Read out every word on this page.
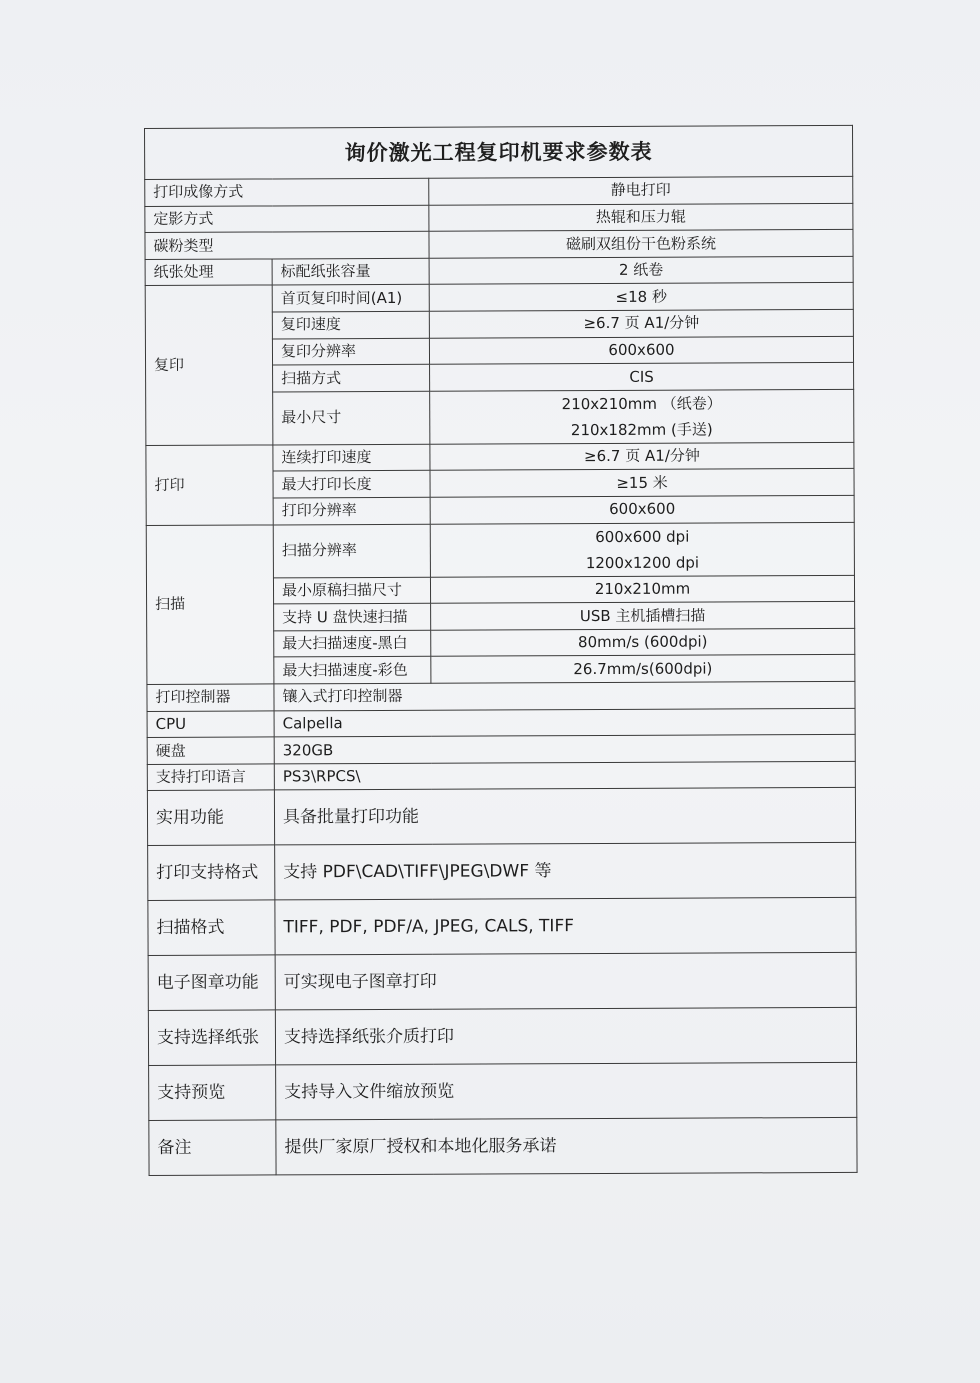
询价激光工程复印机要求参数表		
打印成像方式		静电打印
定影方式		热辊和压力辊
碳粉类型		磁刷双组份干色粉系统
纸张处理	标配纸张容量	2 纸卷
复印	首页复印时间(A1)	≤18 秒
	复印速度	≥6.7 页 A1/分钟
	复印分辨率	600x600
	扫描方式	CIS
	最小尺寸	210x210mm （纸卷）
210x182mm (手送)

打印	连续打印速度	≥6.7 页 A1/分钟
	最大打印长度	≥15 米
	打印分辨率	600x600
扫描	扫描分辨率	600x600 dpi
1200x1200 dpi

	最小原稿扫描尺寸	210x210mm
	支持 U 盘快速扫描	USB 主机插槽扫描
	最大扫描速度-黑白	80mm/s (600dpi)
	最大扫描速度-彩色	26.7mm/s(600dpi)
打印控制器	镶入式打印控制器	
CPU	Calpella	
硬盘	320GB	
支持打印语言	PS3\RPCS\	
实用功能	具备批量打印功能	
打印支持格式	支持 PDF\CAD\TIFF\JPEG\DWF 等	
扫描格式	TIFF, PDF, PDF/A, JPEG, CALS, TIFF	
电子图章功能	可实现电子图章打印	
支持选择纸张	支持选择纸张介质打印	
支持预览	支持导入文件缩放预览	
备注	提供厂家原厂授权和本地化服务承诺	
